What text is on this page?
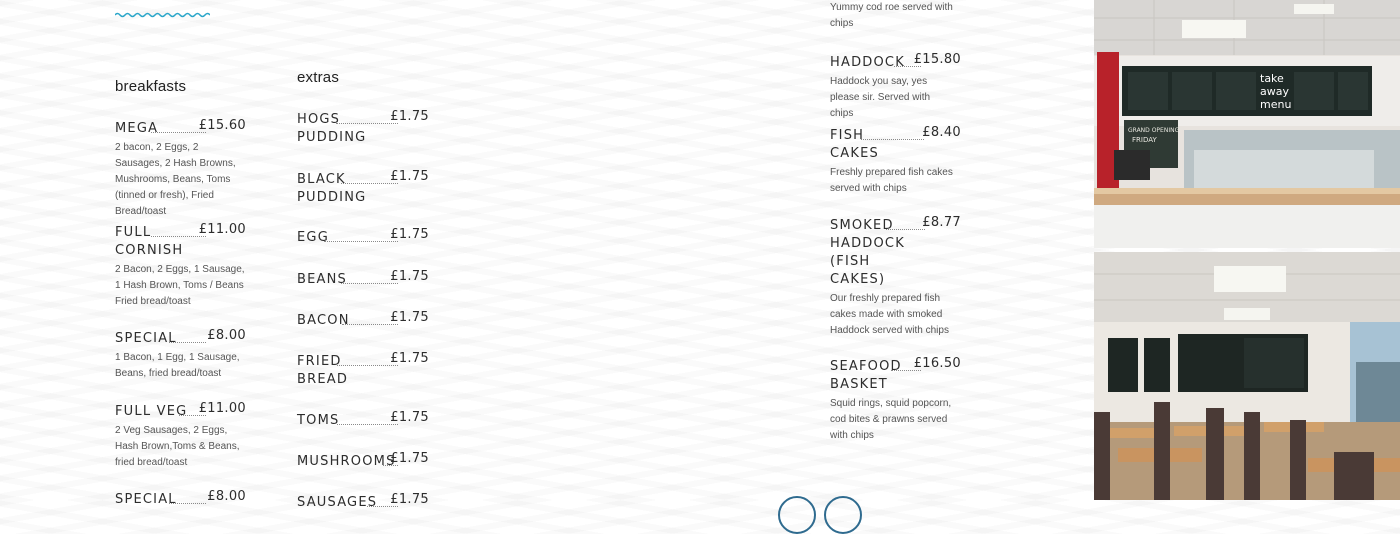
breakfasts
MEGA	£15.60
2 bacon, 2 Eggs, 2 Sausages, 2 Hash Browns, Mushrooms, Beans, Toms (tinned or fresh), Fried Bread/toast
FULL CORNISH
£11.00
2 Bacon, 2 Eggs, 1 Sausage, 1 Hash Brown, Toms / Beans Fried bread/toast
SPECIAL £8.00
1 Bacon, 1 Egg, 1 Sausage, Beans, fried bread/toast
FULL VEG £11.00
2 Veg Sausages, 2 Eggs, Hash Brown,Toms & Beans, fried bread/toast
SPECIAL £8.00
extras
HOGS PUDDING
£1.75
BLACK PUDDING
£1.75
EGG	£1.75
BEANS	£1.75
BACON	£1.75
FRIED BREAD
£1.75
TOMS	£1.75
MUSHROOMS
£1.75
SAUSAGES £1.75
Yummy cod roe served with chips
HADDOCK £15.80
Haddock you say, yes please sir. Served with chips
FISH CAKES
£8.40
Freshly prepared fish cakes served with chips
SMOKED HADDOCK (FISH CAKES)
£8.77
Our freshly prepared fish cakes made with smoked Haddock served with chips
SEAFOOD BASKET
£16.50
Squid rings, squid popcorn, cod bites & prawns served with chips
take
away
menu
GRAND OPENING
FRIDAY
